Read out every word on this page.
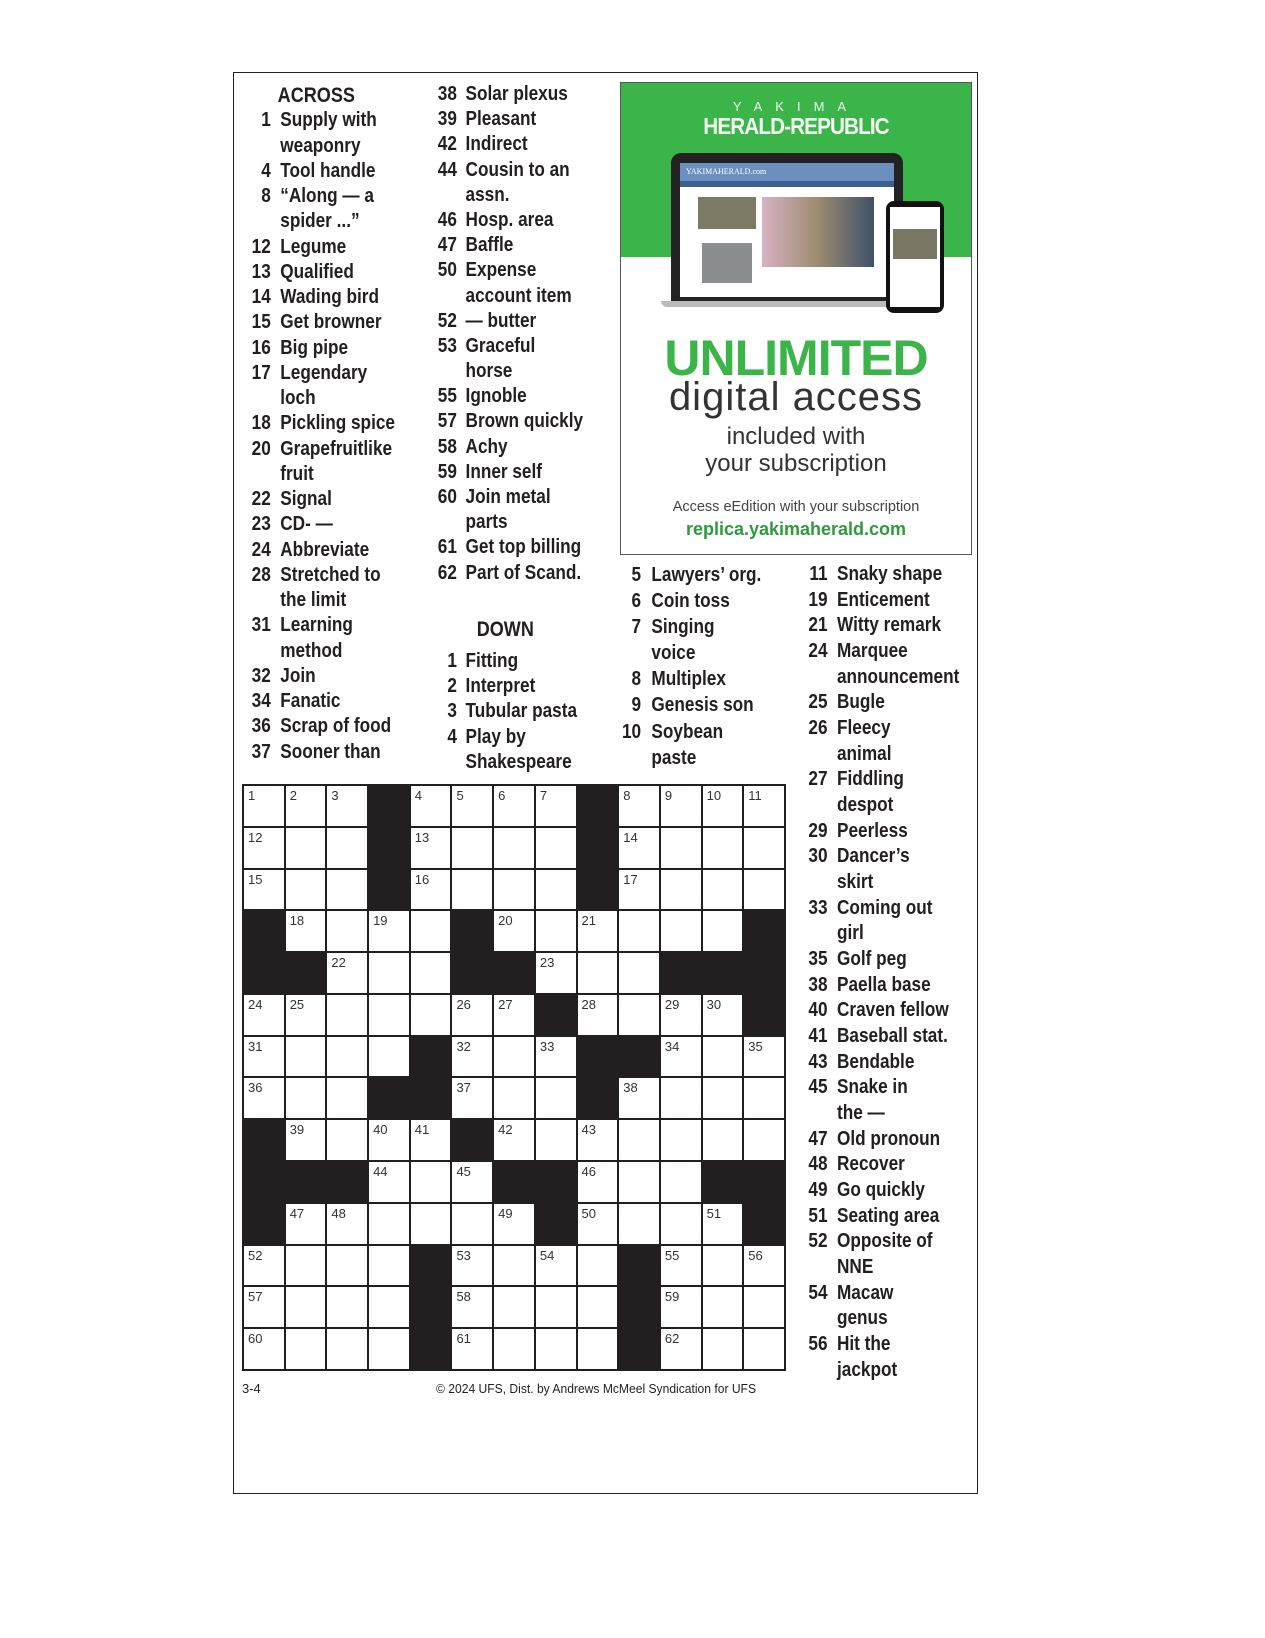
ACROSS
1 Supply with
weaponry
4 Tool handle
8 “Along — a
spider ...”
12 Legume
13 Qualified
14 Wading bird
15 Get browner
16 Big pipe
17 Legendary
loch
18 Pickling spice
20 Grapefruitlike
fruit
22 Signal
23 CD- —
24 Abbreviate
28 Stretched to
the limit
31 Learning
method
32 Join
34 Fanatic
36 Scrap of food
37 Sooner than
38 Solar plexus
39 Pleasant
42 Indirect
44 Cousin to an
assn.
46 Hosp. area
47 Baffle
50 Expense
account item
52 — butter
53 Graceful
horse
55 Ignoble
57 Brown quickly
58 Achy
59 Inner self
60 Join metal
parts
61 Get top billing
62 Part of Scand.
DOWN
1 Fitting
2 Interpret
3 Tubular pasta
4 Play by
Shakespeare
5 Lawyers’ org.
6 Coin toss
7 Singing
voice
8 Multiplex
9 Genesis son
10 Soybean
paste
11 Snaky shape
19 Enticement
21 Witty remark
24 Marquee
announcement
25 Bugle
26 Fleecy
animal
27 Fiddling
despot
29 Peerless
30 Dancer’s
skirt
33 Coming out
girl
35 Golf peg
38 Paella base
40 Craven fellow
41 Baseball stat.
43 Bendable
45 Snake in
the —
47 Old pronoun
48 Recover
49 Go quickly
51 Seating area
52 Opposite of
NNE
54 Macaw
genus
56 Hit the
jackpot
YAKIMA
HERALD-REPUBLIC
YAKIMAHERALD.com
UNLIMITED
digital access
included with
your subscription
Access eEdition with your subscription
replica.yakimaherald.com
1	2	3	4	5	6	7	8	9	10 11
12	13	14
15	16	17
18	19	20	21
22	23
24 25	26 27	28	29 30
31	32	33	34	35
36	37	38
39	40 41	42	43
44	45	46
47 48	49	50	51
52	53	54	55	56
57	58	59
60	61	62
3-4	© 2024 UFS, Dist. by Andrews McMeel Syndication for UFS
